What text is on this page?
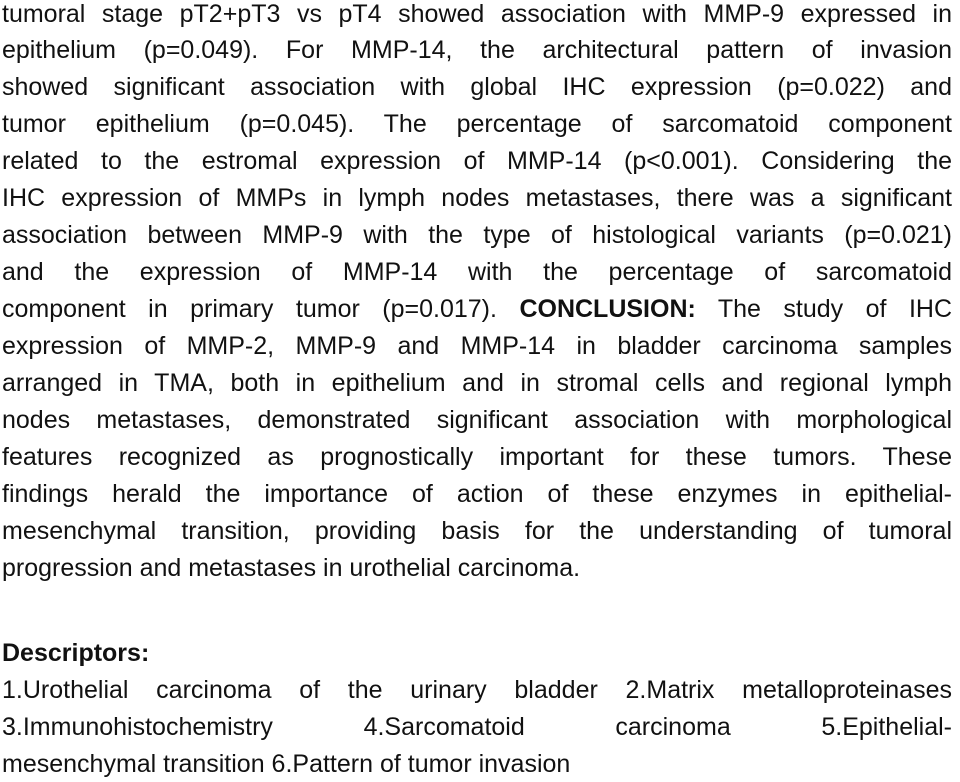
tumoral stage pT2+pT3 vs pT4 showed association with MMP-9 expressed in
epithelium (p=0.049). For MMP-14, the architectural pattern of invasion
showed significant association with global IHC expression (p=0.022) and
tumor epithelium (p=0.045). The percentage of sarcomatoid component
related to the estromal expression of MMP-14 (p<0.001). Considering the
IHC expression of MMPs in lymph nodes metastases, there was a significant
association between MMP-9 with the type of histological variants (p=0.021)
and the expression of MMP-14 with the percentage of sarcomatoid
component in primary tumor (p=0.017). CONCLUSION: The study of IHC
expression of MMP-2, MMP-9 and MMP-14 in bladder carcinoma samples
arranged in TMA, both in epithelium and in stromal cells and regional lymph
nodes metastases, demonstrated significant association with morphological
features recognized as prognostically important for these tumors. These
findings herald the importance of action of these enzymes in epithelial-
mesenchymal transition, providing basis for the understanding of tumoral
progression and metastases in urothelial carcinoma.
Descriptors:
1.Urothelial carcinoma of the urinary bladder 2.Matrix metalloproteinases
3.Immunohistochemistry 4.Sarcomatoid carcinoma 5.Epithelial-
mesenchymal transition 6.Pattern of tumor invasion
